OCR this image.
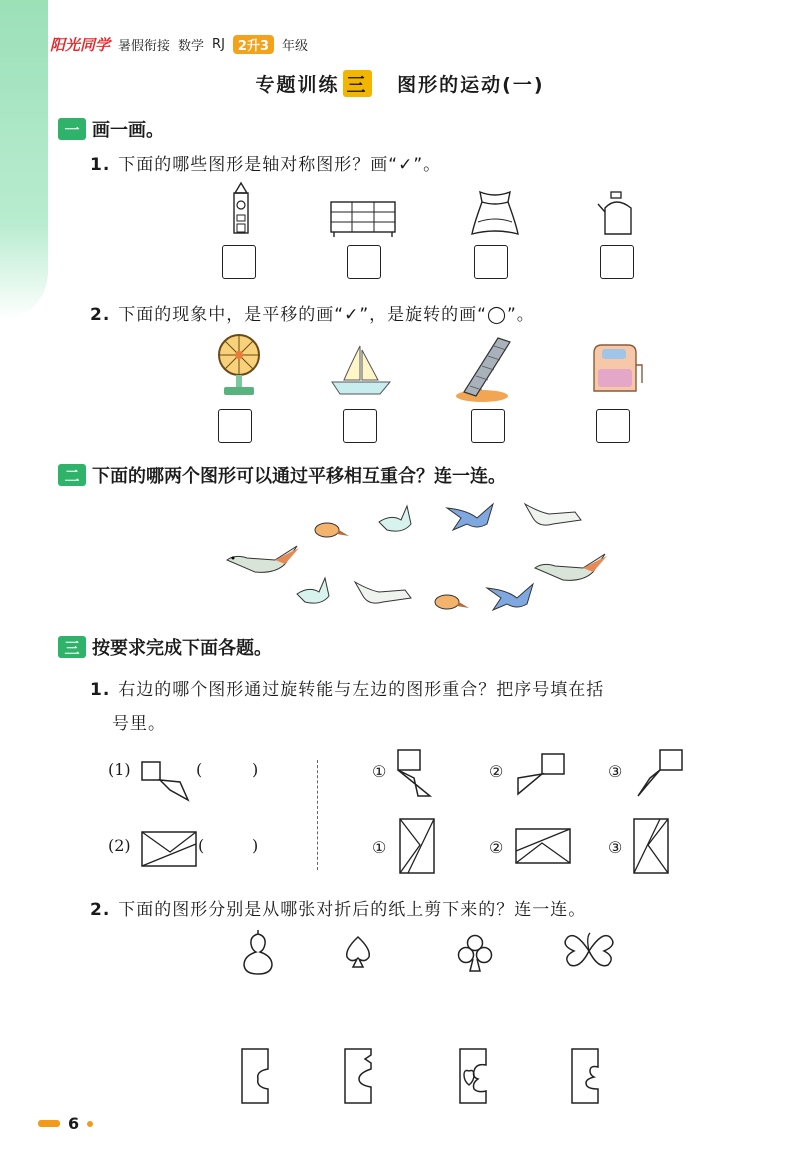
阳光同学 暑假衔接 数学 RJ	2升3	年级
专题训练 三 图形的运动(一)
一 画一画。
1. 下面的哪些图形是轴对称图形？画“✓”。
2. 下面的现象中，是平移的画“✓”，是旋转的画“◯”。
二 下面的哪两个图形可以通过平移相互重合？连一连。
三 按要求完成下面各题。
1. 右边的哪个图形通过旋转能与左边的图形重合？把序号填在括
号里。
(1)	(	)	①	②	③
(2)	(	)	①	②	③
2. 下面的图形分别是从哪张对折后的纸上剪下来的？连一连。
6
